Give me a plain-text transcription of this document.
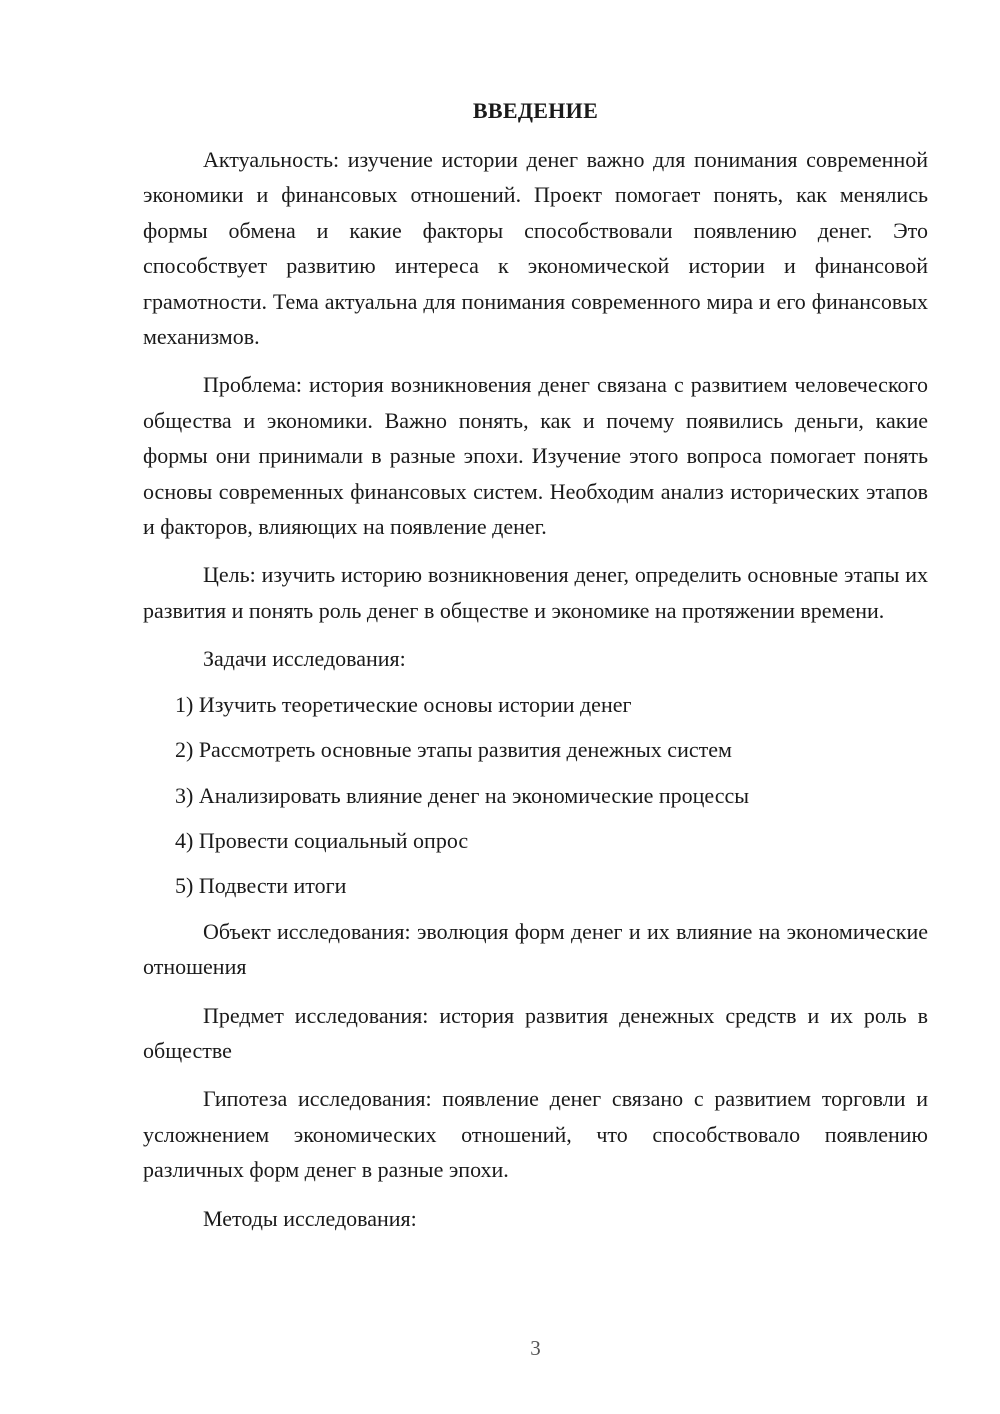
ВВЕДЕНИЕ

Актуальность: изучение истории денег важно для понимания современной экономики и финансовых отношений. Проект помогает понять, как менялись формы обмена и какие факторы способствовали появлению денег. Это способствует развитию интереса к экономической истории и финансовой грамотности. Тема актуальна для понимания современного мира и его финансовых механизмов.

Проблема: история возникновения денег связана с развитием человеческого общества и экономики. Важно понять, как и почему появились деньги, какие формы они принимали в разные эпохи. Изучение этого вопроса помогает понять основы современных финансовых систем. Необходим анализ исторических этапов и факторов, влияющих на появление денег.

Цель: изучить историю возникновения денег, определить основные этапы их развития и понять роль денег в обществе и экономике на протяжении времени.

Задачи исследования:

1) Изучить теоретические основы истории денег

2) Рассмотреть основные этапы развития денежных систем

3) Анализировать влияние денег на экономические процессы

4) Провести социальный опрос

5) Подвести итоги

Объект исследования: эволюция форм денег и их влияние на экономические отношения

Предмет исследования: история развития денежных средств и их роль в обществе

Гипотеза исследования: появление денег связано с развитием торговли и усложнением экономических отношений, что способствовало появлению различных форм денег в разные эпохи.

Методы исследования:

3
